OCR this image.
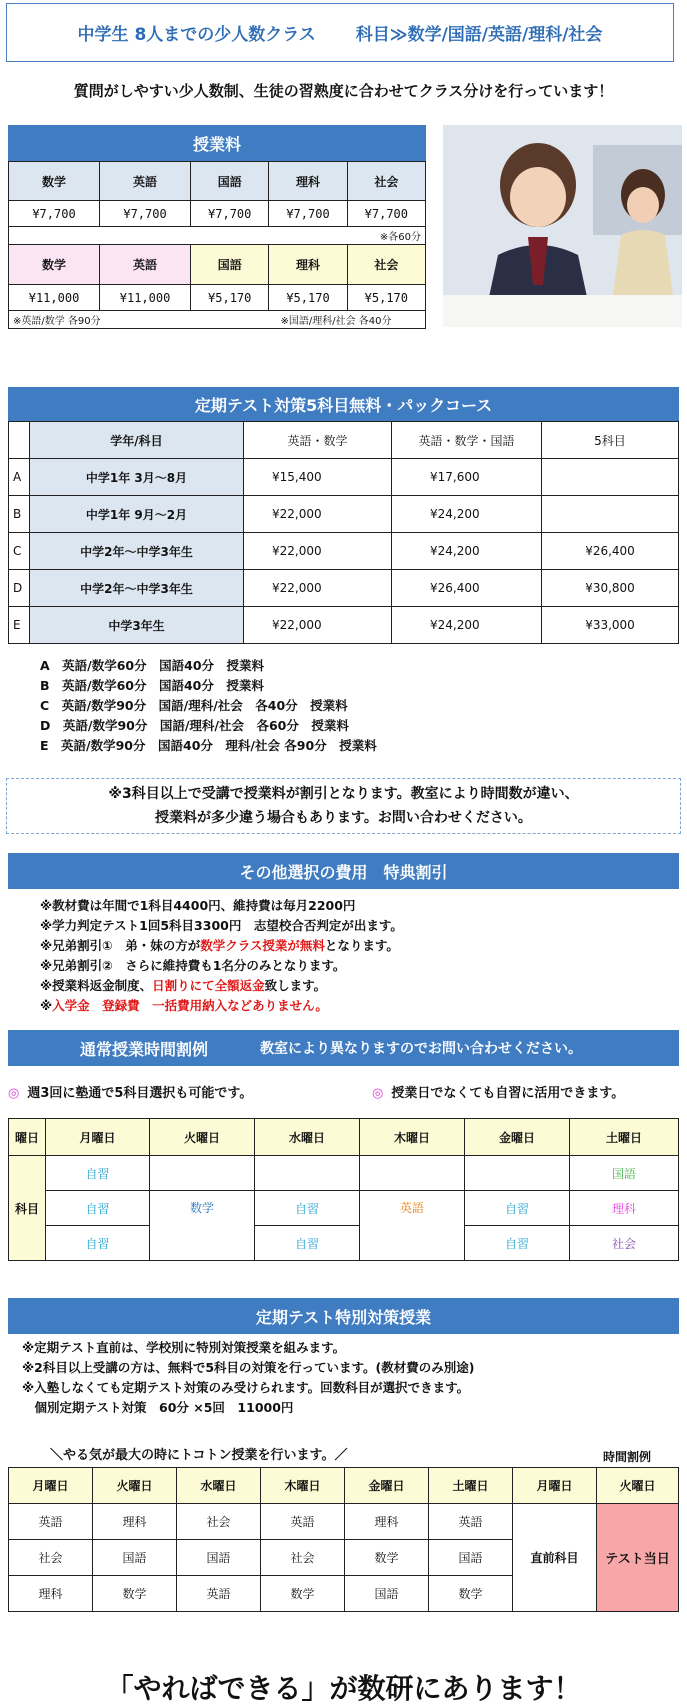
中学生 8人までの少人数クラス 科目≫数学/国語/英語/理科/社会
質問がしやすい少人数制、生徒の習熟度に合わせてクラス分けを行っています！
授業料
数学	英語	国語	理科	社会
¥7,700	¥7,700	¥7,700	¥7,700	¥7,700
※各60分				
数学	英語	国語	理科	社会
¥11,000	¥11,000	¥5,170	¥5,170	¥5,170
※英語/数学 各90分 ※国語/理科/社会 各40分				
定期テスト対策5科目無料・パックコース
	学年/科目	英語・数学	英語・数学・国語	5科目
A	中学1年 3月～8月	¥15,400	¥17,600	
B	中学1年 9月～2月	¥22,000	¥24,200	
C	中学2年～中学3年生	¥22,000	¥24,200	¥26,400
D	中学2年～中学3年生	¥22,000	¥26,400	¥30,800
E	中学3年生	¥22,000	¥24,200	¥33,000
A　英語/数学60分　国語40分　授業料
B　英語/数学60分　国語40分　授業料
C　英語/数学90分　国語/理科/社会　各40分　授業料
D　英語/数学90分　国語/理科/社会　各60分　授業料
E　英語/数学90分　国語40分　理科/社会 各90分　授業料
※3科目以上で受講で授業料が割引となります。教室により時間数が違い、
授業料が多少違う場合もあります。お問い合わせください。
その他選択の費用　特典割引
※教材費は年間で1科目4400円、維持費は毎月2200円
※学力判定テスト1回5科目3300円　志望校合否判定が出ます。
※兄弟割引①　弟・妹の方が数学クラス授業が無料となります。
※兄弟割引②　さらに維持費も1名分のみとなります。
※授業料返金制度、日割りにて全額返金致します。
※入学金　登録費　一括費用納入などありません。
通常授業時間割例	教室により異なりますのでお問い合わせください。
◎ 週3回に塾通で5科目選択も可能です。	◎ 授業日でなくても自習に活用できます。
曜日	月曜日	火曜日	水曜日	木曜日	金曜日	土曜日
科目	自習					国語
	自習	数学	自習	英語	自習	理科
	自習		自習		自習	社会
定期テスト特別対策授業
※定期テスト直前は、学校別に特別対策授業を組みます。
※2科目以上受講の方は、無料で5科目の対策を行っています。(教材費のみ別途)
※入塾しなくても定期テスト対策のみ受けられます。回数科目が選択できます。
　個別定期テスト対策　60分 ×5回　11000円
＼やる気が最大の時にトコトン授業を行います。／	時間割例
月曜日	火曜日	水曜日	木曜日	金曜日	土曜日	月曜日	火曜日
英語	理科	社会	英語	理科	英語	直前科目	テスト当日
社会	国語	国語	社会	数学	国語		
理科	数学	英語	数学	国語	数学		
「やればできる」が数研にあります！
